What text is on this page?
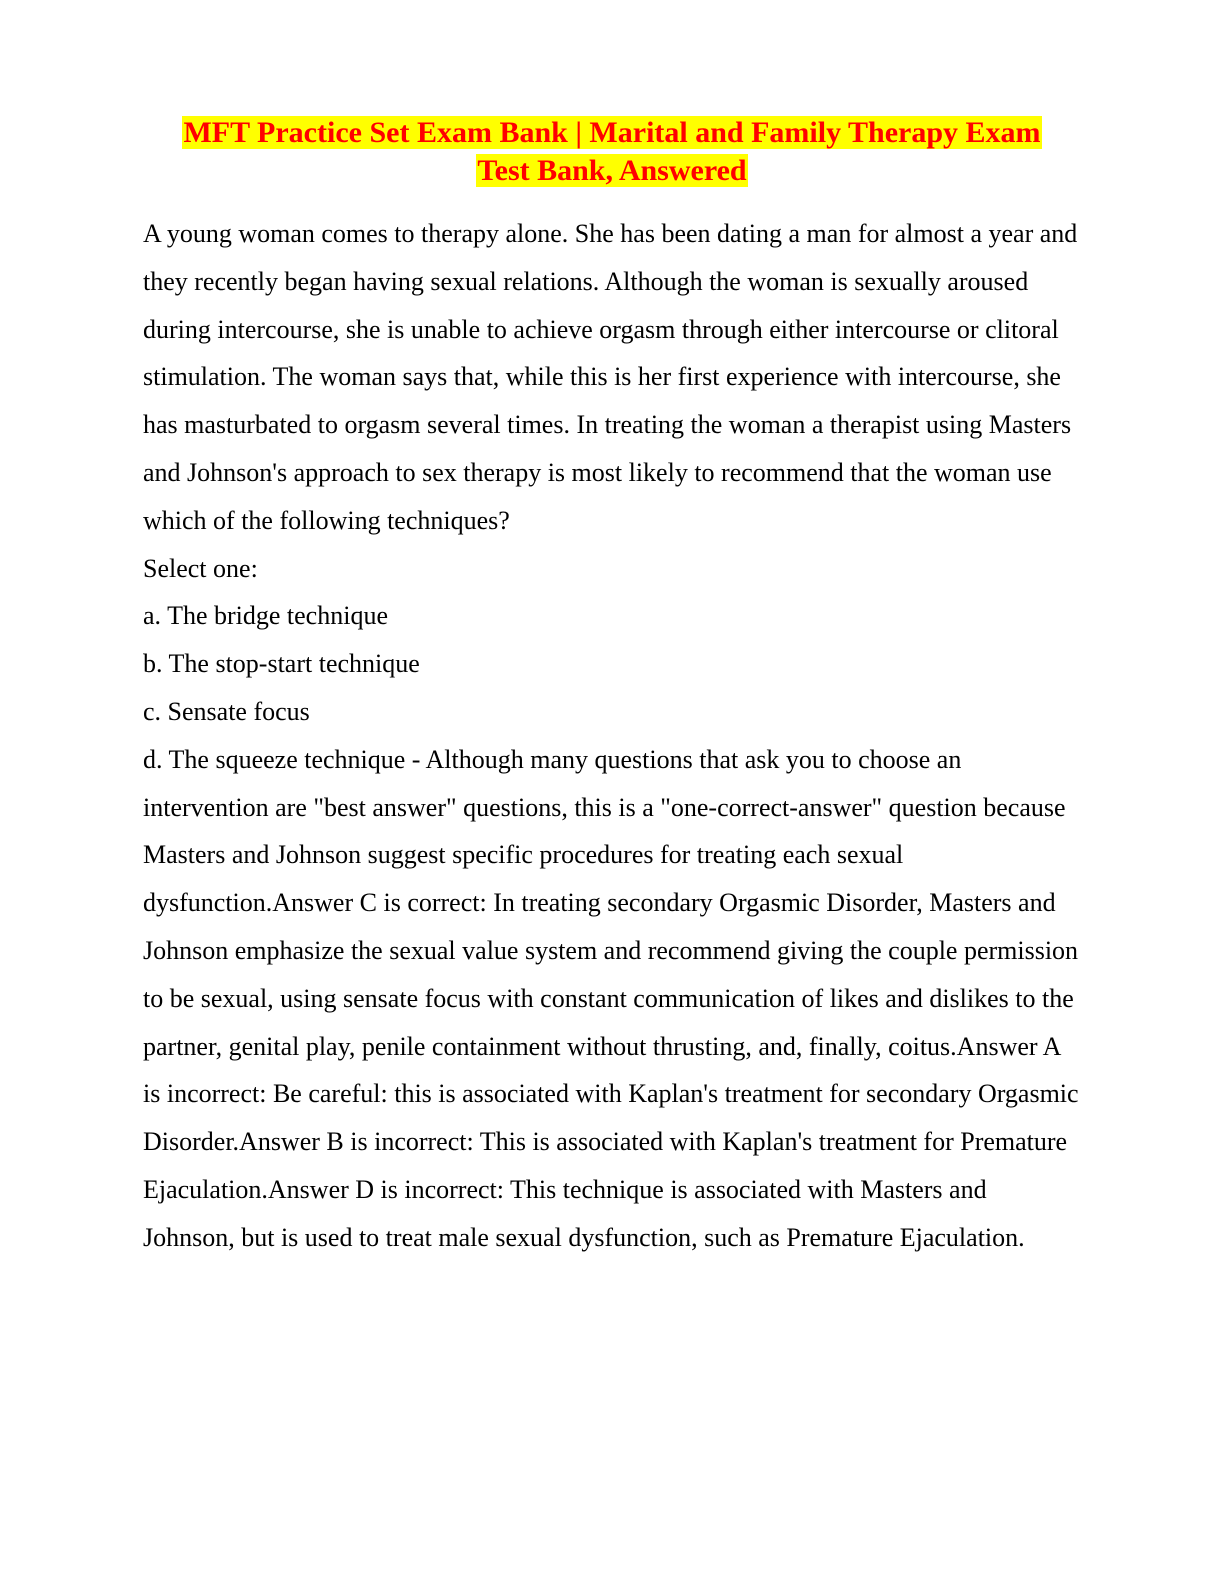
MFT Practice Set Exam Bank | Marital and Family Therapy Exam
Test Bank, Answered

A young woman comes to therapy alone. She has been dating a man for almost a year and they recently began having sexual relations. Although the woman is sexually aroused during intercourse, she is unable to achieve orgasm through either intercourse or clitoral stimulation. The woman says that, while this is her first experience with intercourse, she has masturbated to orgasm several times. In treating the woman a therapist using Masters and Johnson's approach to sex therapy is most likely to recommend that the woman use which of the following techniques?

Select one:

a. The bridge technique

b. The stop-start technique

c. Sensate focus

d. The squeeze technique - Although many questions that ask you to choose an intervention are "best answer" questions, this is a "one-correct-answer" question because Masters and Johnson suggest specific procedures for treating each sexual dysfunction.Answer C is correct: In treating secondary Orgasmic Disorder, Masters and Johnson emphasize the sexual value system and recommend giving the couple permission to be sexual, using sensate focus with constant communication of likes and dislikes to the partner, genital play, penile containment without thrusting, and, finally, coitus.Answer A is incorrect: Be careful: this is associated with Kaplan's treatment for secondary Orgasmic Disorder.Answer B is incorrect: This is associated with Kaplan's treatment for Premature Ejaculation.Answer D is incorrect: This technique is associated with Masters and Johnson, but is used to treat male sexual dysfunction, such as Premature Ejaculation.
